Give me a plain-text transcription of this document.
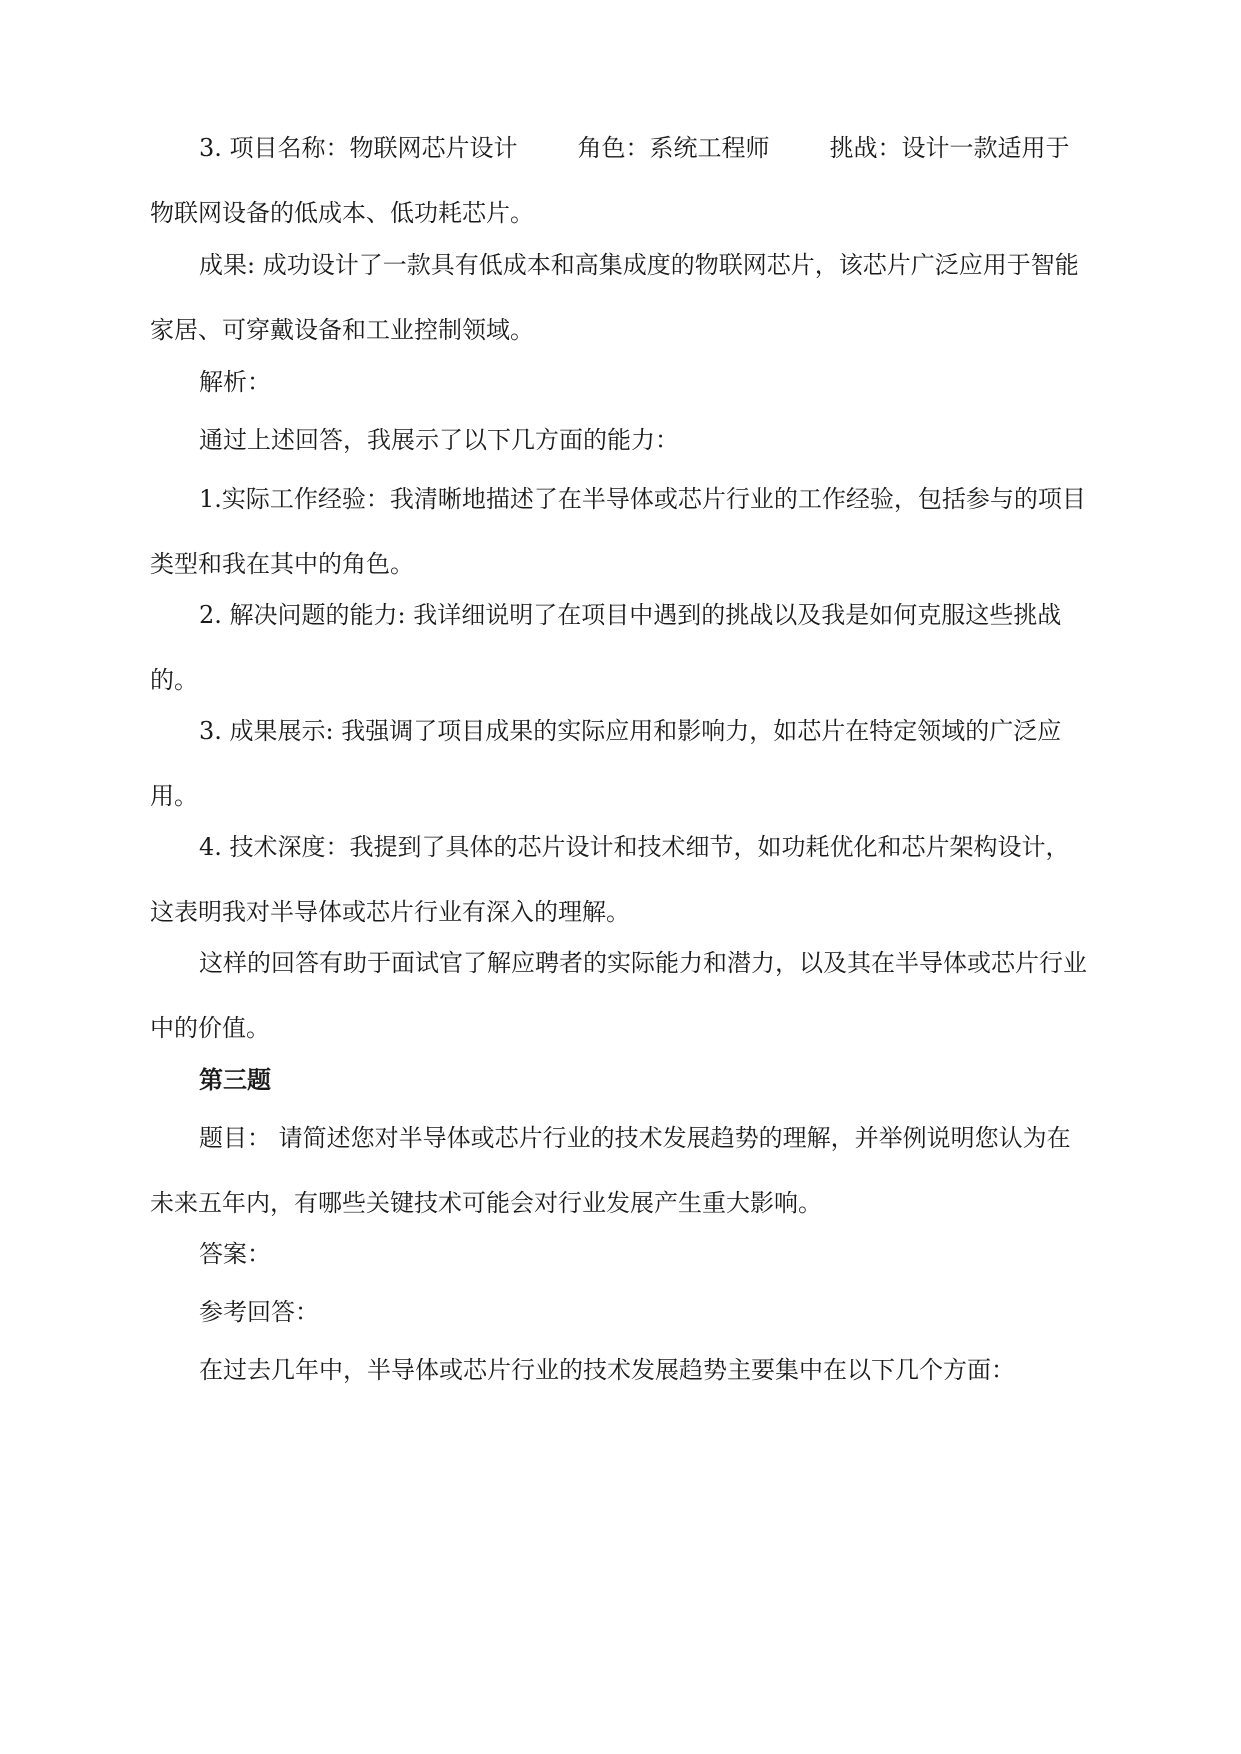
3. 项目名称：物联网芯片设计	角色：系统工程师	挑战：设计一款适用于物联网设备的低成本、低功耗芯片。

成果: 成功设计了一款具有低成本和高集成度的物联网芯片，该芯片广泛应用于智能家居、可穿戴设备和工业控制领域。

解析：

通过上述回答，我展示了以下几方面的能力：

1.实际工作经验：我清晰地描述了在半导体或芯片行业的工作经验，包括参与的项目类型和我在其中的角色。

2. 解决问题的能力: 我详细说明了在项目中遇到的挑战以及我是如何克服这些挑战的。

3. 成果展示: 我强调了项目成果的实际应用和影响力，如芯片在特定领域的广泛应用。

4. 技术深度：我提到了具体的芯片设计和技术细节，如功耗优化和芯片架构设计，这表明我对半导体或芯片行业有深入的理解。

这样的回答有助于面试官了解应聘者的实际能力和潜力，以及其在半导体或芯片行业中的价值。

第三题

题目： 请简述您对半导体或芯片行业的技术发展趋势的理解，并举例说明您认为在未来五年内，有哪些关键技术可能会对行业发展产生重大影响。

答案：

参考回答：

在过去几年中，半导体或芯片行业的技术发展趋势主要集中在以下几个方面：
